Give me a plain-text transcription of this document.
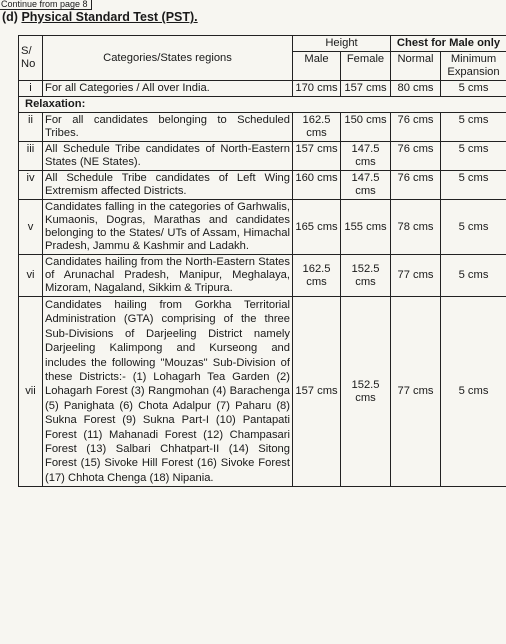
Continue from page 8
(d) Physical Standard Test (PST).
S/ No	Categories/States regions	Height		Chest for Male only	
		Male	Female	Normal	Minimum Expansion
i	For all Categories / All over India.	170 cms	157 cms	80 cms	5 cms
Relaxation:					
ii	For all candidates belonging to Scheduled Tribes.	162.5 cms	150 cms	76 cms	5 cms
iii	All Schedule Tribe candidates of North-Eastern States (NE States).	157 cms	147.5 cms	76 cms	5 cms
iv	All Schedule Tribe candidates of Left Wing Extremism affected Districts.	160 cms	147.5 cms	76 cms	5 cms
v	Candidates falling in the categories of Garhwalis, Kumaonis, Dogras, Marathas and candidates belonging to the States/ UTs of Assam, Himachal Pradesh, Jammu & Kashmir and Ladakh.	165 cms	155 cms	78 cms	5 cms
vi	Candidates hailing from the North-Eastern States of Arunachal Pradesh, Manipur, Meghalaya, Mizoram, Nagaland, Sikkim & Tripura.	162.5 cms	152.5 cms	77 cms	5 cms
vii	Candidates hailing from Gorkha Territorial Administration (GTA) comprising of the three Sub-Divisions of Darjeeling District namely Darjeeling Kalimpong and Kurseong and includes the following "Mouzas" Sub-Division of these Districts:- (1) Lohagarh Tea Garden (2) Lohagarh Forest (3) Rangmohan (4) Barachenga (5) Panighata (6) Chota Adalpur (7) Paharu (8) Sukna Forest (9) Sukna Part-I (10) Pantapati Forest (11) Mahanadi Forest (12) Champasari Forest (13) Salbari Chhatpart-II (14) Sitong Forest (15) Sivoke Hill Forest (16) Sivoke Forest (17) Chhota Chenga (18) Nipania.	157 cms	152.5 cms	77 cms	5 cms
